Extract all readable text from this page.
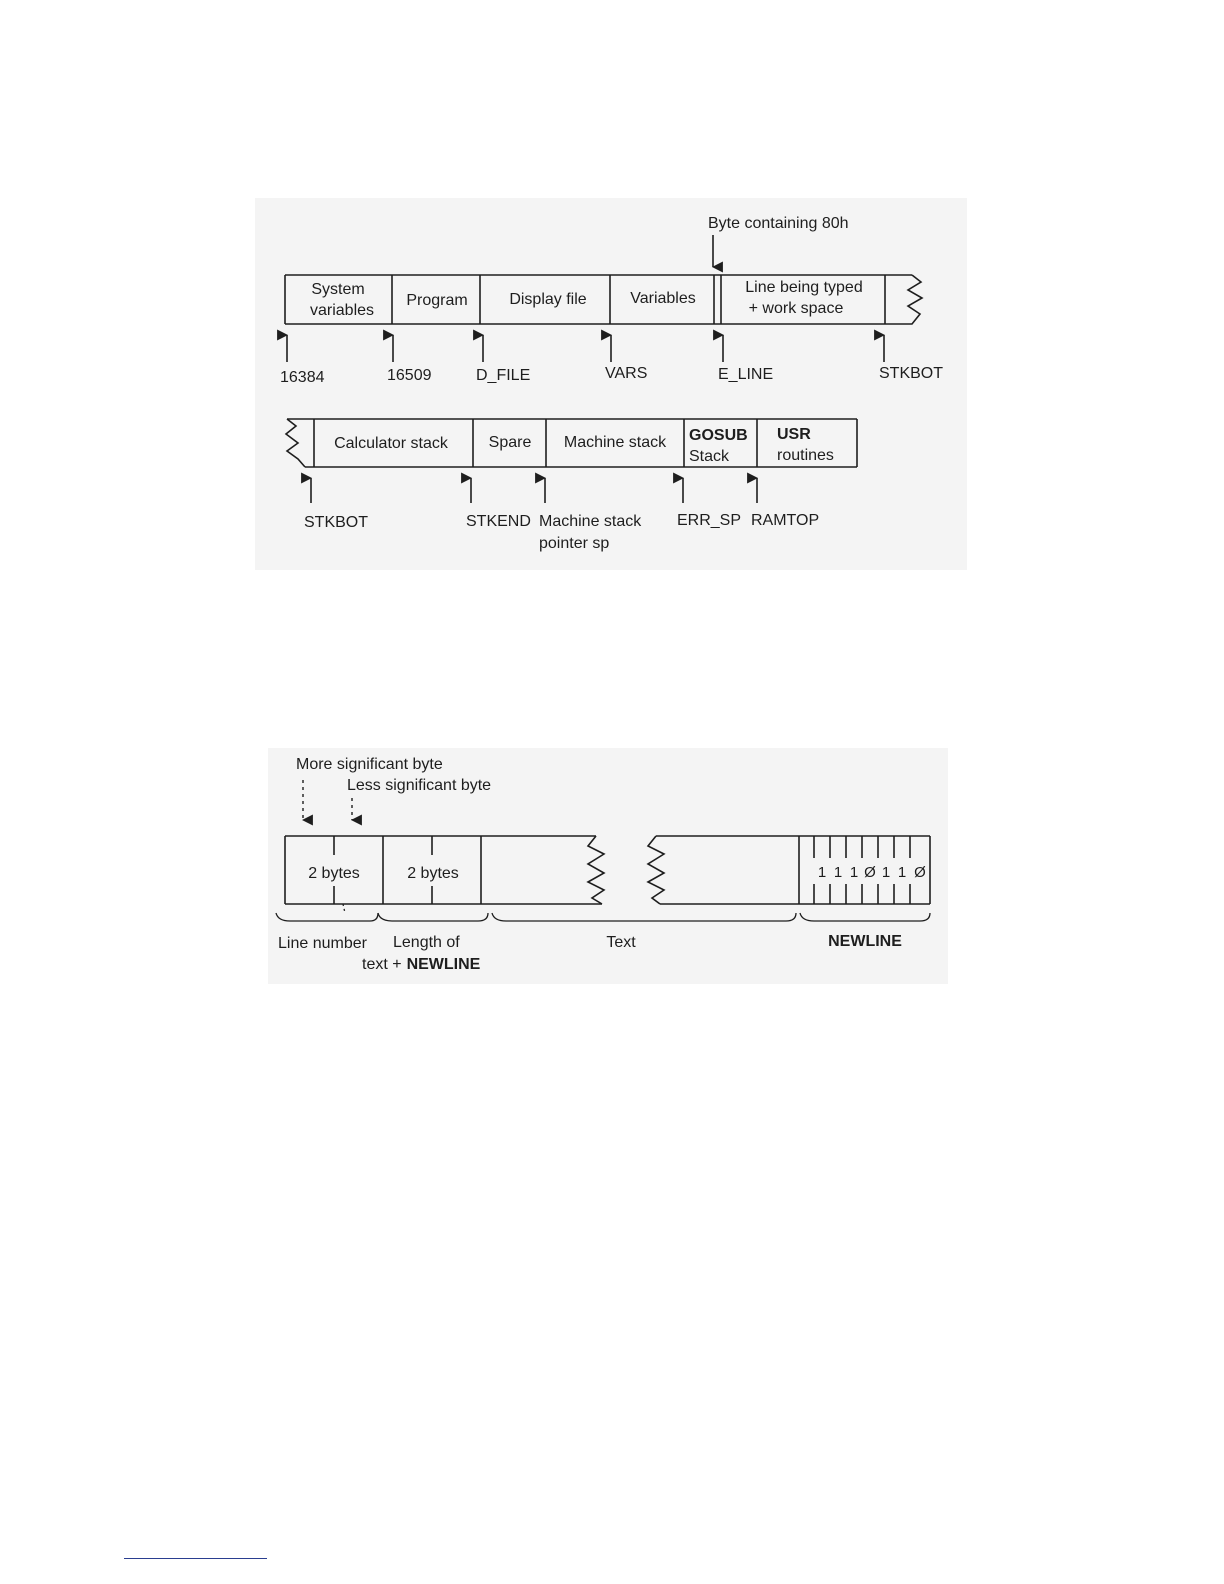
Byte containing 80h
System
variables
Program	Display file	Variables
Line being typed
+ work space
16384	16509	D_FILE	VARS	E_LINE	STKBOT
Calculator stack	Spare Machine stack GOSUB
Stack
USR
routines
STKBOT	STKEND Machine stack
pointer sp
ERR_SP RAMTOP
More significant byte
Less significant byte
2 bytes	2 bytes	1 1 1 Ø 1 1 Ø
Line number Length of
text + NEWLINE
Text	NEWLINE
